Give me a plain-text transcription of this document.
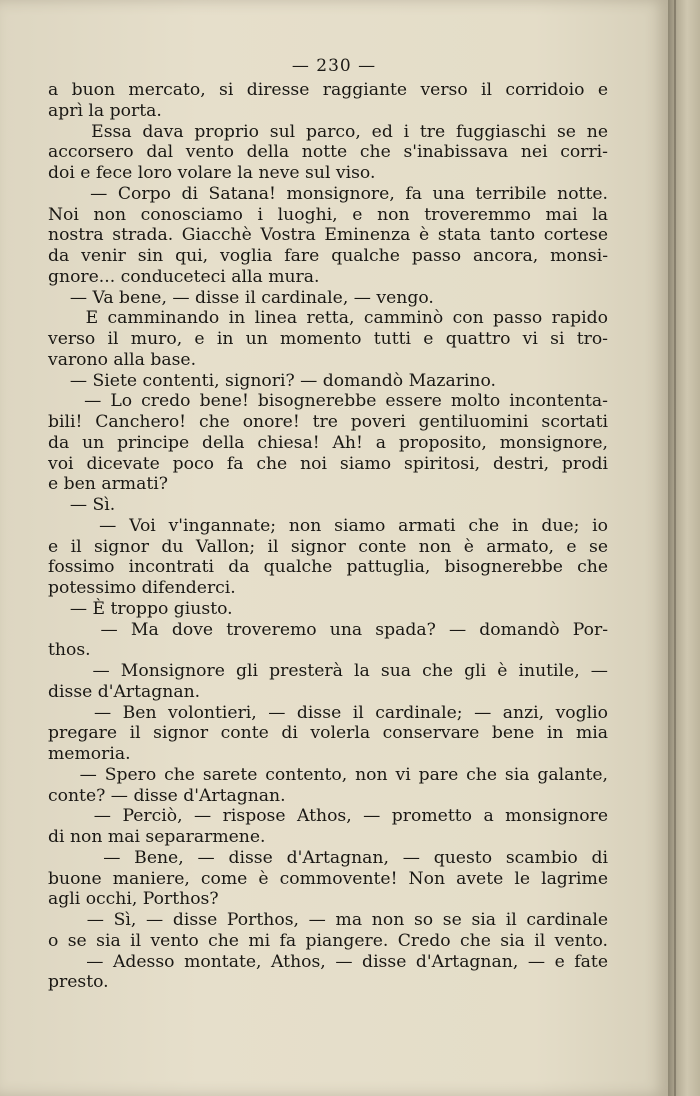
— 230 —
a buon mercato, si diresse raggiante verso il corridoio e
aprì la porta.
Essa dava proprio sul parco, ed i tre fuggiaschi se ne
accorsero dal vento della notte che s'inabissava nei corri-
doi e fece loro volare la neve sul viso.
— Corpo di Satana! monsignore, fa una terribile notte.
Noi non conosciamo i luoghi, e non troveremmo mai la
nostra strada. Giacchè Vostra Eminenza è stata tanto cortese
da venir sin qui, voglia fare qualche passo ancora, monsi-
gnore... conduceteci alla mura.
— Va bene, — disse il cardinale, — vengo.
E camminando in linea retta, camminò con passo rapido
verso il muro, e in un momento tutti e quattro vi si tro-
varono alla base.
— Siete contenti, signori? — domandò Mazarino.
— Lo credo bene! bisognerebbe essere molto incontenta-
bili! Canchero! che onore! tre poveri gentiluomini scortati
da un principe della chiesa! Ah! a proposito, monsignore,
voi dicevate poco fa che noi siamo spiritosi, destri, prodi
e ben armati?
— Sì.
— Voi v'ingannate; non siamo armati che in due; io
e il signor du Vallon; il signor conte non è armato, e se
fossimo incontrati da qualche pattuglia, bisognerebbe che
potessimo difenderci.
— È troppo giusto.
— Ma dove troveremo una spada? — domandò Por-
thos.
— Monsignore gli presterà la sua che gli è inutile, —
disse d'Artagnan.
— Ben volontieri, — disse il cardinale; — anzi, voglio
pregare il signor conte di volerla conservare bene in mia
memoria.
— Spero che sarete contento, non vi pare che sia galante,
conte? — disse d'Artagnan.
— Perciò, — rispose Athos, — prometto a monsignore
di non mai separarmene.
— Bene, — disse d'Artagnan, — questo scambio di
buone maniere, come è commovente! Non avete le lagrime
agli occhi, Porthos?
— Sì, — disse Porthos, — ma non so se sia il cardinale
o se sia il vento che mi fa piangere. Credo che sia il vento.
— Adesso montate, Athos, — disse d'Artagnan, — e fate
presto.
